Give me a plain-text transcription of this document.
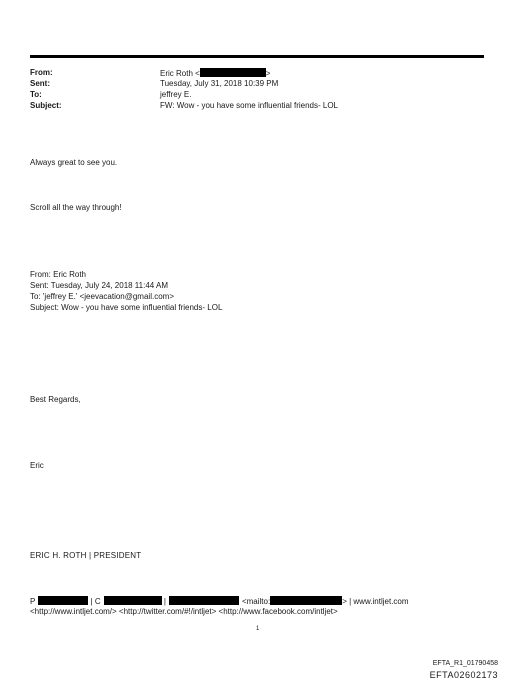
From:	Eric Roth <	>
Sent:	Tuesday, July 31, 2018 10:39 PM
To:	jeffrey E.
Subject:	FW: Wow - you have some influential friends- LOL
Always great to see you.
Scroll all the way through!
From: Eric Roth
Sent: Tuesday, July 24, 2018 11:44 AM
To: 'jeffrey E.' <jeevacation@gmail.com>
Subject: Wow - you have some influential friends- LOL
Best Regards,
Eric
ERIC H. ROTH | PRESIDENT
P	| C	|	<mailto:	> | www.intljet.com
<http://www.intljet.com/> <http://twitter.com/#!/intljet> <http://www.facebook.com/intljet>
1
EFTA_R1_01790458
EFTA02602173
